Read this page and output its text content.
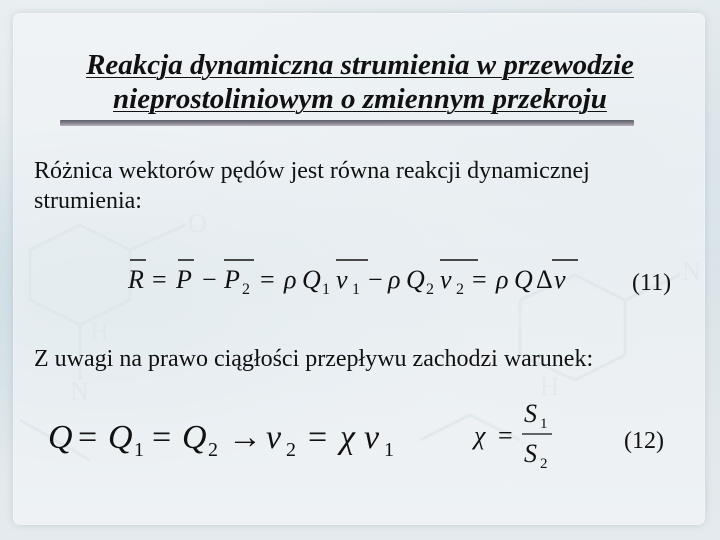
Reakcja dynamiczna strumienia w przewodzie nieprostoliniowym o zmiennym przekroju

Różnica wektorów pędów jest równa reakcji dynamicznej strumienia:

R = P − P 2 = ρ Q 1 ν 1 − ρ Q 2 ν 2 = ρ Q Δ ν	(11)

Z uwagi na prawo ciągłości przepływu zachodzi warunek:

Q = Q 1 = Q 2 → ν 2 = χ ν 1	χ =
S 1
S 2
(12)
